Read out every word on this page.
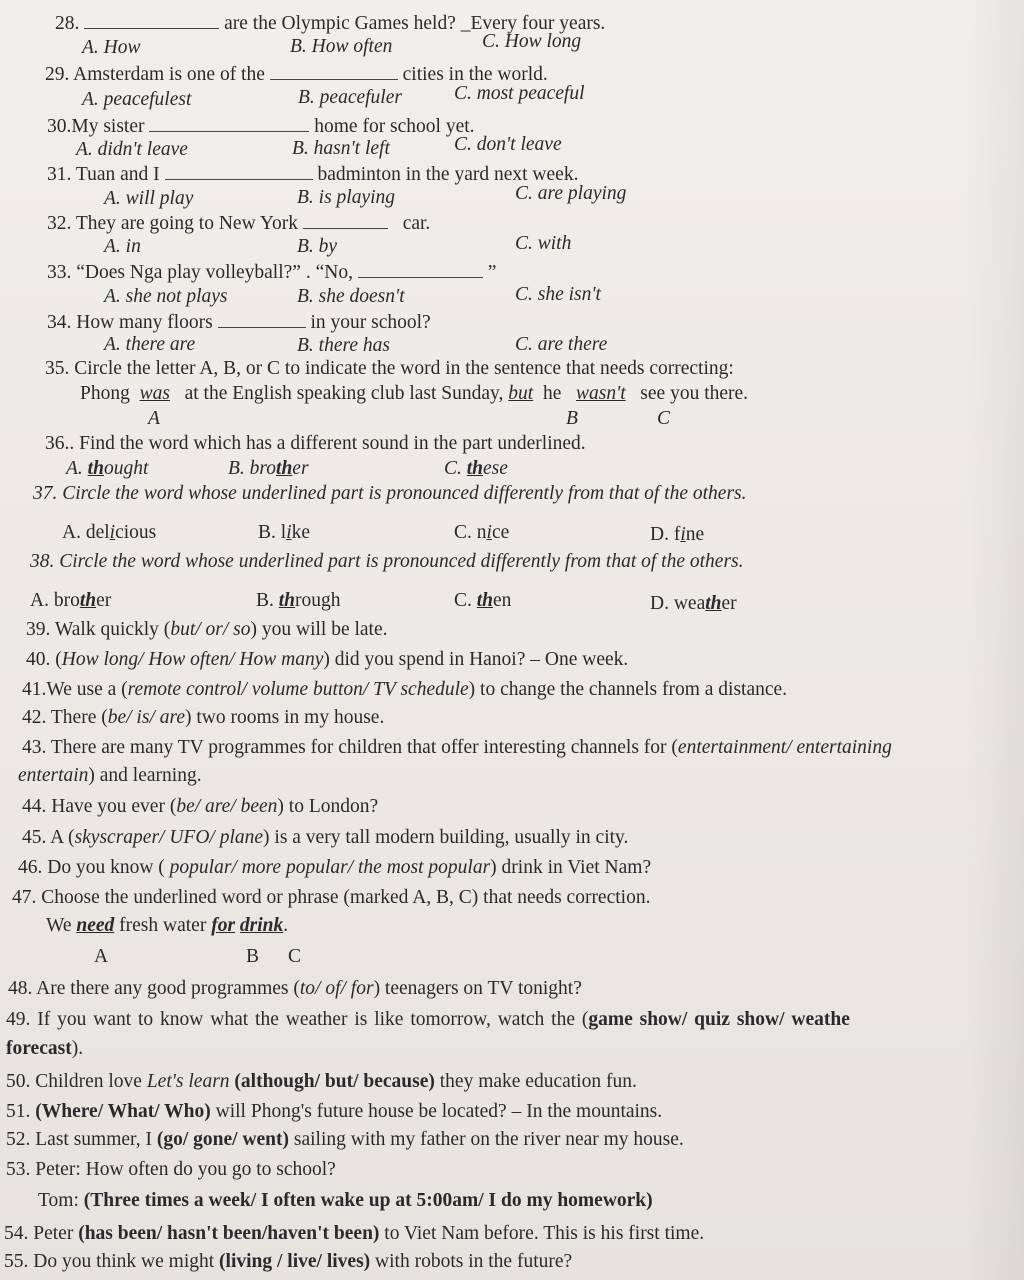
28.	are the Olympic Games held? _Every four years.
A. How	B. How often	C. How long
29. Amsterdam is one of the	cities in the world.
A. peacefulest	B. peacefuler	C. most peaceful
30.My sister	home for school yet.
A. didn't leave	B. hasn't left	C. don't leave
31. Tuan and I	badminton in the yard next week.
A. will play	B. is playing	C. are playing
32. They are going to New York	car.
A. in	B. by	C. with
33. “Does Nga play volleyball?” . “No,	”
A. she not plays	B. she doesn't	C. she isn't
34. How many floors	in your school?
A. there are	B. there has	C. are there
35. Circle the letter A, B, or C to indicate the word in the sentence that needs correcting:
Phong was at the English speaking club last Sunday, but he wasn't see you there.
A	B	C
36.. Find the word which has a different sound in the part underlined.
A. thought	B. brother	C. these
37. Circle the word whose underlined part is pronounced differently from that of the others.
A. delicious	B. like	C. nice	D. fine
38. Circle the word whose underlined part is pronounced differently from that of the others.
A. brother	B. through	C. then	D. weather
39. Walk quickly (but/ or/ so) you will be late.
40. (How long/ How often/ How many) did you spend in Hanoi? – One week.
41.We use a (remote control/ volume button/ TV schedule) to change the channels from a distance.
42. There (be/ is/ are) two rooms in my house.
43. There are many TV programmes for children that offer interesting channels for (entertainment/ entertaining
entertain) and learning.
44. Have you ever (be/ are/ been) to London?
45. A (skyscraper/ UFO/ plane) is a very tall modern building, usually in city.
46. Do you know ( popular/ more popular/ the most popular) drink in Viet Nam?
47. Choose the underlined word or phrase (marked A, B, C) that needs correction.
We need fresh water for drink.
A	B C
48. Are there any good programmes (to/ of/ for) teenagers on TV tonight?
49. If you want to know what the weather is like tomorrow, watch the (game show/ quiz show/ weathe
forecast).
50. Children love Let's learn (although/ but/ because) they make education fun.
51. (Where/ What/ Who) will Phong's future house be located? – In the mountains.
52. Last summer, I (go/ gone/ went) sailing with my father on the river near my house.
53. Peter: How often do you go to school?
Tom: (Three times a week/ I often wake up at 5:00am/ I do my homework)
54. Peter (has been/ hasn't been/haven't been) to Viet Nam before. This is his first time.
55. Do you think we might (living / live/ lives) with robots in the future?
